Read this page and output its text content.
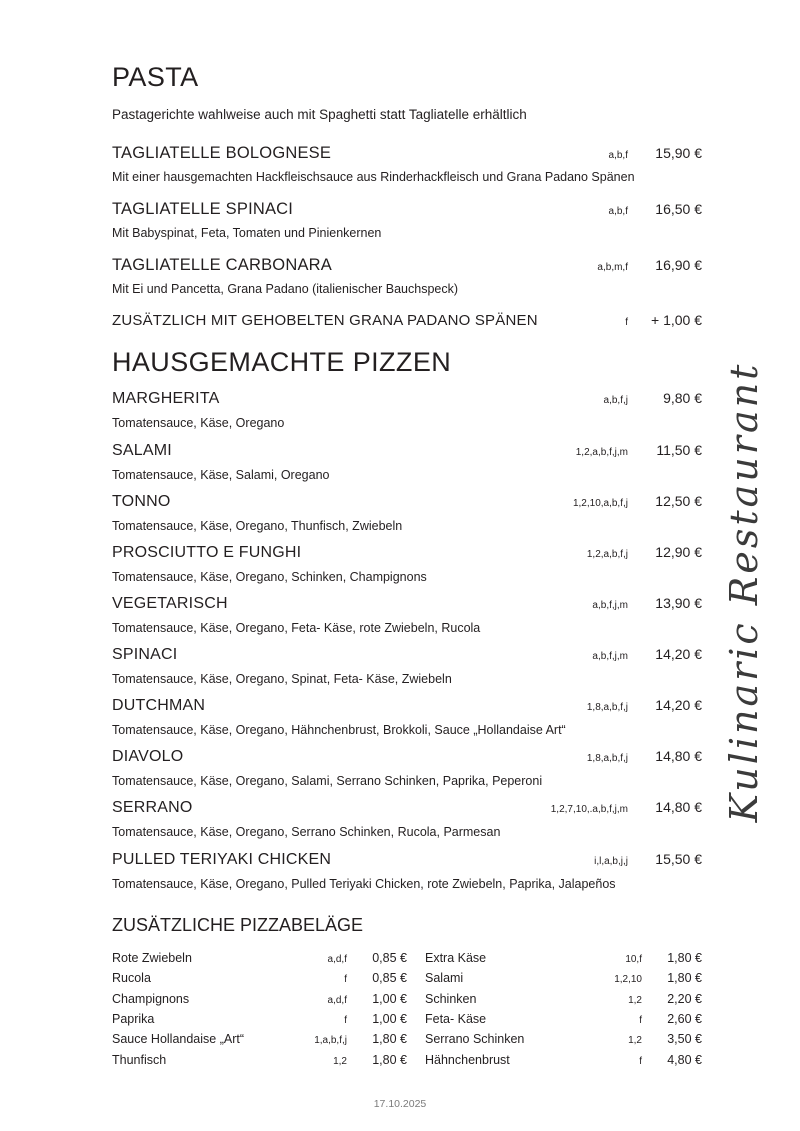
PASTA

Pastagerichte wahlweise auch mit Spaghetti statt Tagliatelle erhältlich

TAGLIATELLE BOLOGNESE	a,b,f	15,90 €
Mit einer hausgemachten Hackfleischsauce aus Rinderhackfleisch und Grana Padano Spänen
TAGLIATELLE SPINACI	a,b,f	16,50 €
Mit Babyspinat, Feta, Tomaten und Pinienkernen
TAGLIATELLE CARBONARA	a,b,m,f	16,90 €
Mit Ei und Pancetta, Grana Padano (italienischer Bauchspeck)
ZUSÄTZLICH MIT GEHOBELTEN GRANA PADANO SPÄNEN	f	+ 1,00 €
HAUSGEMACHTE PIZZEN
MARGHERITA	a,b,f,j	9,80 €
Tomatensauce, Käse, Oregano
SALAMI	1,2,a,b,f,j,m	11,50 €
Tomatensauce, Käse, Salami, Oregano
TONNO	1,2,10,a,b,f,j	12,50 €
Tomatensauce, Käse, Oregano, Thunfisch, Zwiebeln
PROSCIUTTO E FUNGHI	1,2,a,b,f,j	12,90 €
Tomatensauce, Käse, Oregano, Schinken, Champignons
VEGETARISCH	a,b,f,j,m	13,90 €
Tomatensauce, Käse, Oregano, Feta- Käse, rote Zwiebeln, Rucola
SPINACI	a,b,f,j,m	14,20 €
Tomatensauce, Käse, Oregano, Spinat, Feta- Käse, Zwiebeln
DUTCHMAN	1,8,a,b,f,j	14,20 €
Tomatensauce, Käse, Oregano, Hähnchenbrust, Brokkoli, Sauce „Hollandaise Art“
DIAVOLO	1,8,a,b,f,j	14,80 €
Tomatensauce, Käse, Oregano, Salami, Serrano Schinken, Paprika, Peperoni
SERRANO	1,2,7,10,.a,b,f,j,m	14,80 €
Tomatensauce, Käse, Oregano, Serrano Schinken, Rucola, Parmesan
PULLED TERIYAKI CHICKEN	i,l,a,b,j,j	15,50 €
Tomatensauce, Käse, Oregano, Pulled Teriyaki Chicken, rote Zwiebeln, Paprika, Jalapeños
ZUSÄTZLICHE PIZZABELÄGE
Rote Zwiebeln	a,d,f	0,85 €
Rucola	f	0,85 €
Champignons	a,d,f	1,00 €
Paprika	f	1,00 €
Sauce Hollandaise „Art“	1,a,b,f,j	1,80 €
Thunfisch	1,2	1,80 €
Extra Käse	10,f	1,80 €
Salami	1,2,10	1,80 €
Schinken	1,2	2,20 €
Feta- Käse	f	2,60 €
Serrano Schinken	1,2	3,50 €
Hähnchenbrust	f	4,80 €
Kulinaric Restaurant
17.10.2025
